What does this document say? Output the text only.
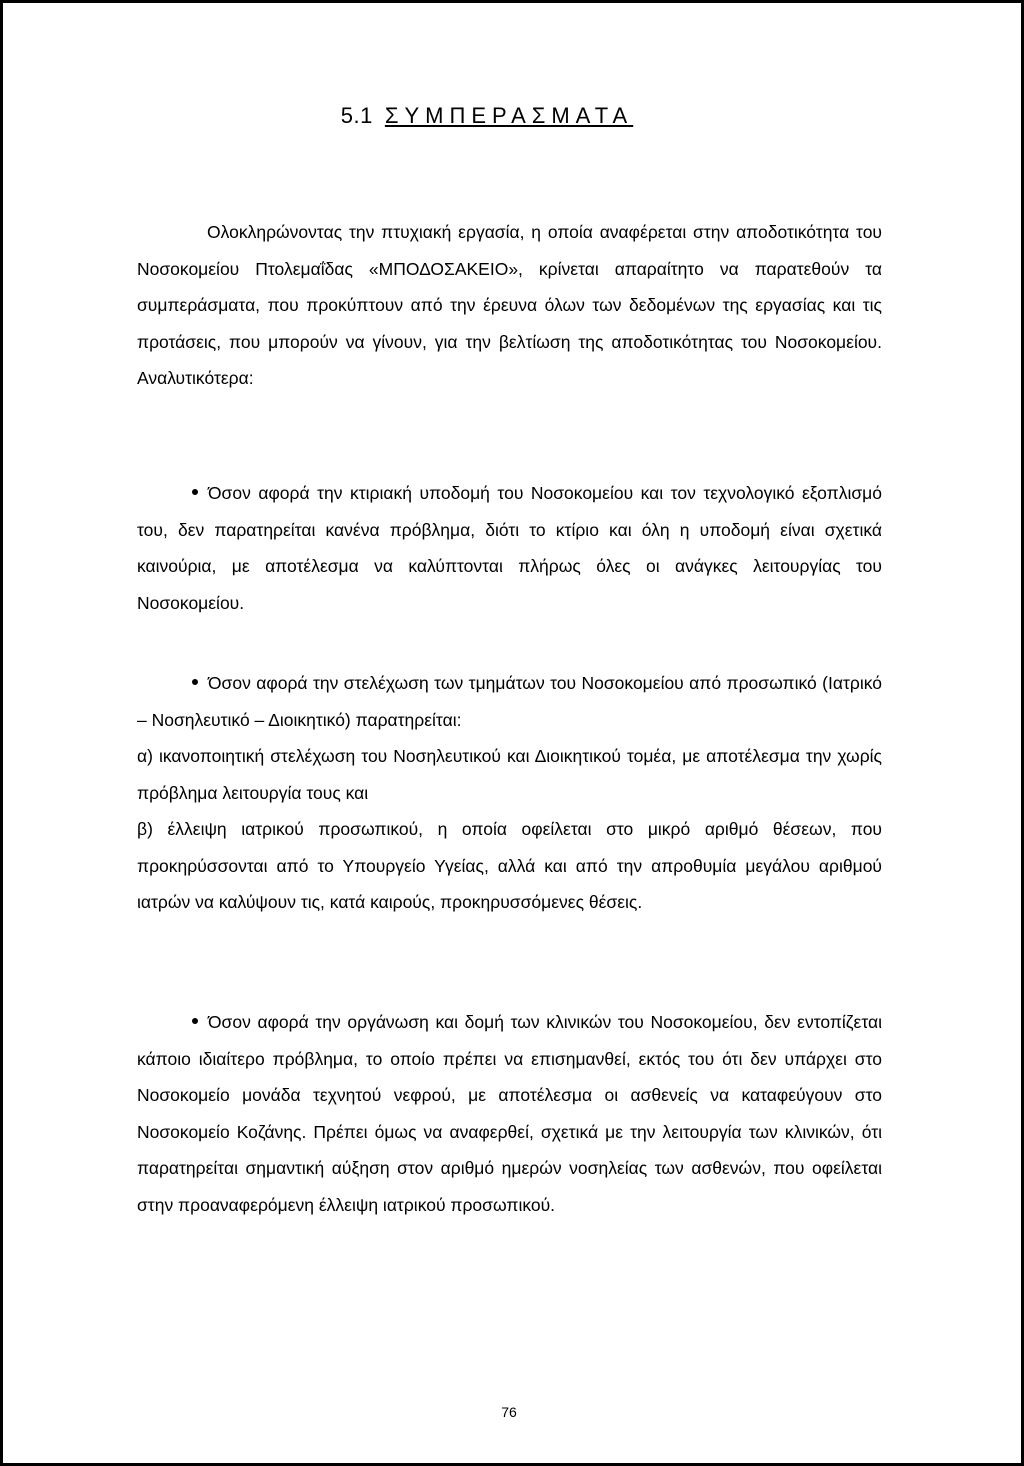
5.1 ΣΥΜΠΕΡΑΣΜΑΤΑ

Ολοκληρώνοντας την πτυχιακή εργασία, η οποία αναφέρεται στην αποδοτικότητα του Νοσοκομείου Πτολεμαΐδας «ΜΠΟΔΟΣΑΚΕΙΟ», κρίνεται απαραίτητο να παρατεθούν τα συμπεράσματα, που προκύπτουν από την έρευνα όλων των δεδομένων της εργασίας και τις προτάσεις, που μπορούν να γίνουν, για την βελτίωση της αποδοτικότητας του Νοσοκομείου. Αναλυτικότερα:

Όσον αφορά την κτιριακή υποδομή του Νοσοκομείου και τον τεχνολογικό εξοπλισμό του, δεν παρατηρείται κανένα πρόβλημα, διότι το κτίριο και όλη η υποδομή είναι σχετικά καινούρια, με αποτέλεσμα να καλύπτονται πλήρως όλες οι ανάγκες λειτουργίας του Νοσοκομείου.

Όσον αφορά την στελέχωση των τμημάτων του Νοσοκομείου από προσωπικό (Ιατρικό – Νοσηλευτικό – Διοικητικό) παρατηρείται:

α) ικανοποιητική στελέχωση του Νοσηλευτικού και Διοικητικού τομέα, με αποτέλεσμα την χωρίς πρόβλημα λειτουργία τους και

β) έλλειψη ιατρικού προσωπικού, η οποία οφείλεται στο μικρό αριθμό θέσεων, που προκηρύσσονται από το Υπουργείο Υγείας, αλλά και από την απροθυμία μεγάλου αριθμού ιατρών να καλύψουν τις, κατά καιρούς, προκηρυσσόμενες θέσεις.

Όσον αφορά την οργάνωση και δομή των κλινικών του Νοσοκομείου, δεν εντοπίζεται κάποιο ιδιαίτερο πρόβλημα, το οποίο πρέπει να επισημανθεί, εκτός του ότι δεν υπάρχει στο Νοσοκομείο μονάδα τεχνητού νεφρού, με αποτέλεσμα οι ασθενείς να καταφεύγουν στο Νοσοκομείο Κοζάνης. Πρέπει όμως να αναφερθεί, σχετικά με την λειτουργία των κλινικών, ότι παρατηρείται σημαντική αύξηση στον αριθμό ημερών νοσηλείας των ασθενών, που οφείλεται στην προαναφερόμενη έλλειψη ιατρικού προσωπικού.

76
